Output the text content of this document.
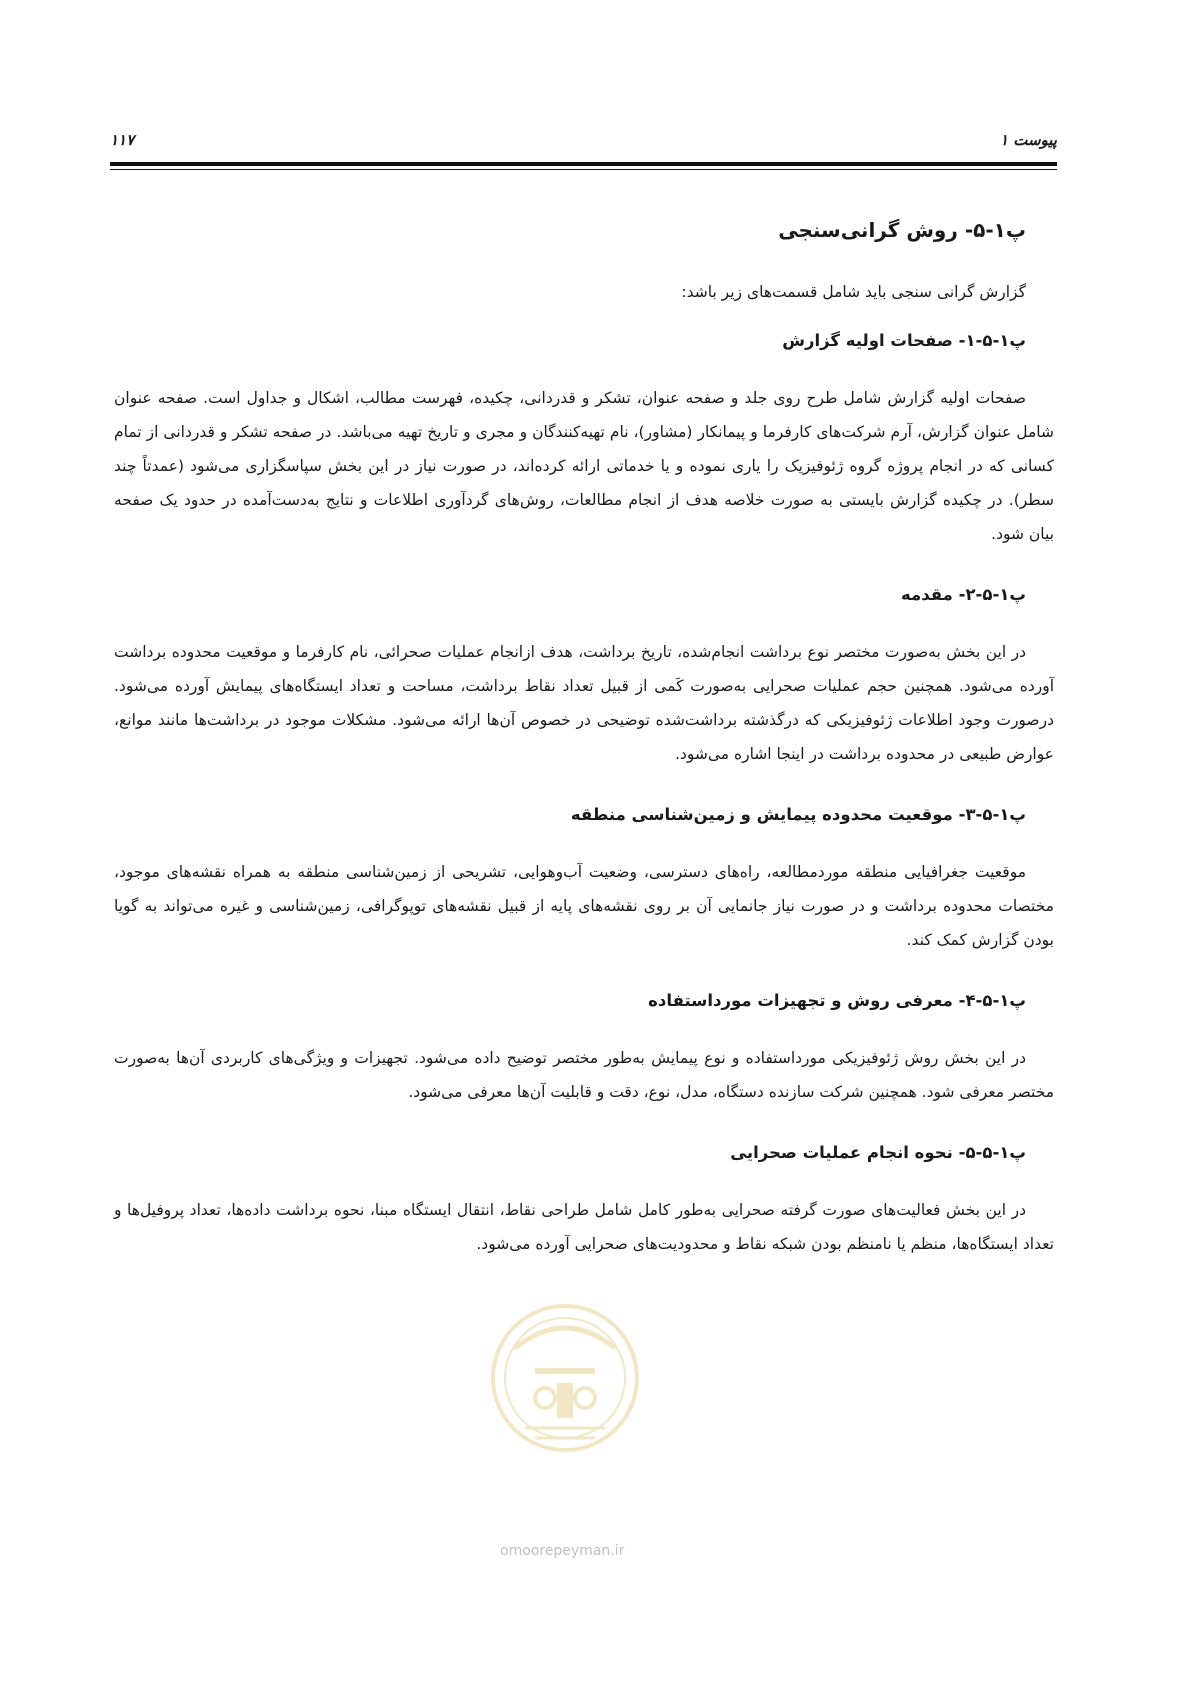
پیوست ۱
۱۱۷
پ۱-۵- روش گرانی‌سنجی
گزارش گرانی سنجی باید شامل قسمت‌های زیر باشد:
پ۱-۵-۱- صفحات اولیه گزارش
صفحات اولیه گزارش شامل طرح روی جلد و صفحه عنوان، تشکر و قدردانی، چکیده، فهرست مطالب، اشکال و جداول است. صفحه عنوان شامل عنوان گزارش، آرم شرکت‌های کارفرما و پیمانکار (مشاور)، نام تهیه‌کنندگان و مجری و تاریخ تهیه می‌باشد. در صفحه تشکر و قدردانی از تمام کسانی که در انجام پروژه گروه ژئوفیزیک را یاری نموده و یا خدماتی ارائه کرده‌اند، در صورت نیاز در این بخش سپاسگزاری می‌شود (عمدتاً چند سطر). در چکیده گزارش بایستی به صورت خلاصه هدف از انجام مطالعات، روش‌های گردآوری اطلاعات و نتایج به‌دست‌آمده در حدود یک صفحه بیان شود.
پ۱-۵-۲- مقدمه
در این بخش به‌صورت مختصر نوع برداشت انجام‌شده، تاریخ برداشت، هدف ازانجام عملیات صحرائی، نام کارفرما و موقعیت محدوده برداشت آورده می‌شود. همچنین حجم عملیات صحرایی به‌صورت کَمی از قبیل تعداد نقاط برداشت، مساحت و تعداد ایستگاه‌های پیمایش آورده می‌شود. درصورت وجود اطلاعات ژئوفیزیکی که درگذشته برداشت‌شده توضیحی در خصوص آن‌ها ارائه می‌شود. مشکلات موجود در برداشت‌ها مانند موانع، عوارض طبیعی در محدوده برداشت در اینجا اشاره می‌شود.
پ۱-۵-۳- موقعیت محدوده پیمایش و زمین‌شناسی منطقه
موقعیت جغرافیایی منطقه موردمطالعه، راه‌های دسترسی، وضعیت آب‌وهوایی، تشریحی از زمین‌شناسی منطقه به همراه نقشه‌های موجود، مختصات محدوده برداشت و در صورت نیاز جانمایی آن بر روی نقشه‌های پایه از قبیل نقشه‌های توپوگرافی، زمین‌شناسی و غیره می‌تواند به گویا بودن گزارش کمک کند.
پ۱-۵-۴- معرفی روش و تجهیزات مورداستفاده
در این بخش روش ژئوفیزیکی مورداستفاده و نوع پیمایش به‌طور مختصر توضیح داده می‌شود. تجهیزات و ویژگی‌های کاربردی آن‌ها به‌صورت مختصر معرفی شود. همچنین شرکت سازنده دستگاه، مدل، نوع، دقت و قابلیت آن‌ها معرفی می‌شود.
پ۱-۵-۵- نحوه انجام عملیات صحرایی
در این بخش فعالیت‌های صورت گرفته صحرایی به‌طور کامل شامل طراحی نقاط، انتقال ایستگاه مبنا، نحوه برداشت داده‌ها، تعداد پروفیل‌ها و تعداد ایستگاه‌ها، منظم یا نامنظم بودن شبکه نقاط و محدودیت‌های صحرایی آورده می‌شود.
omoorepeyman.ir
